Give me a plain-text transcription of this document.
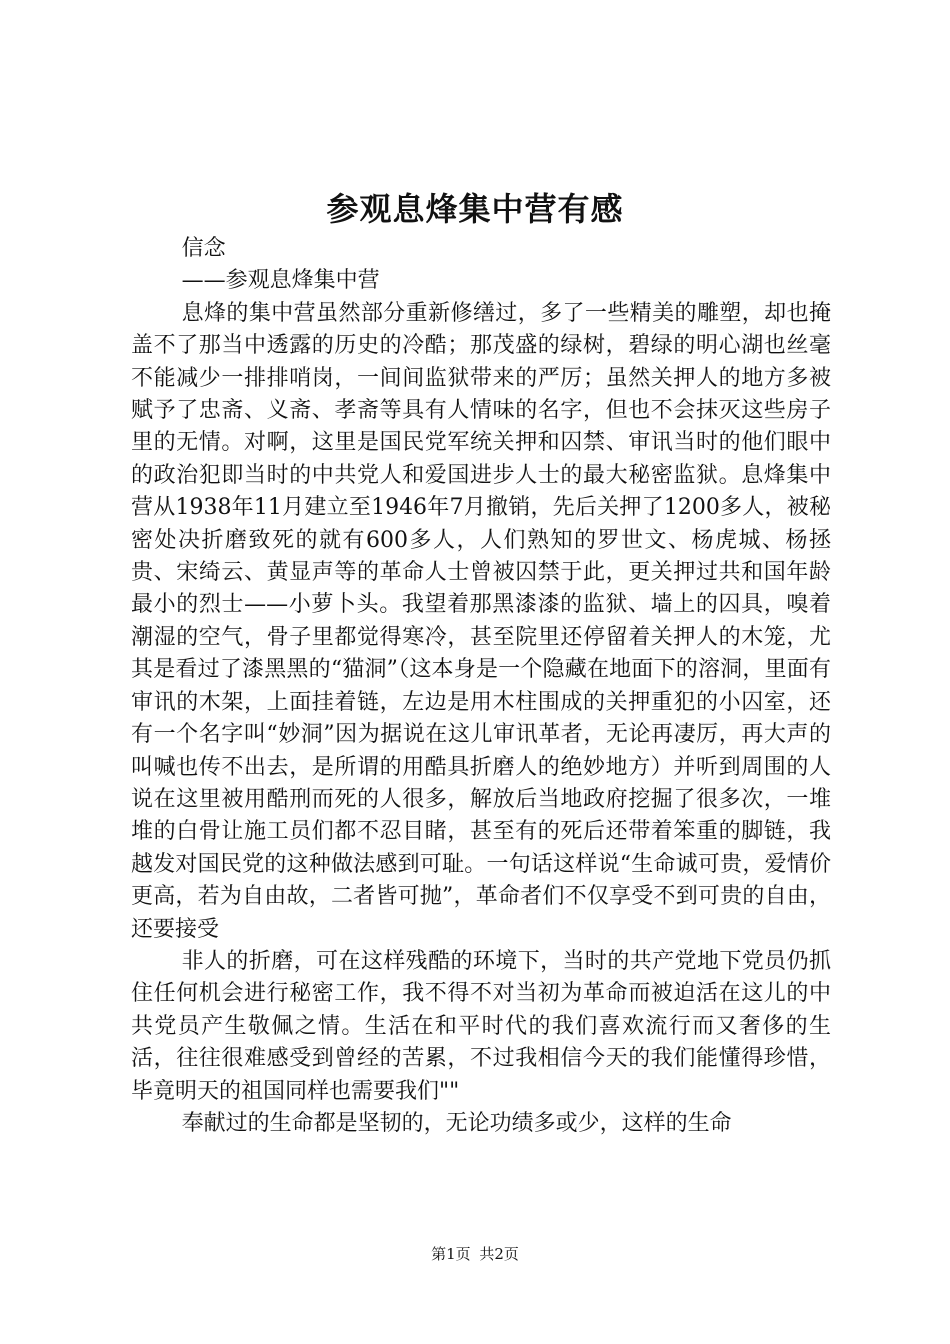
参观息烽集中营有感

信念

——参观息烽集中营

息烽的集中营虽然部分重新修缮过，多了一些精美的雕塑，却也掩盖不了那当中透露的历史的冷酷；那茂盛的绿树，碧绿的明心湖也丝毫不能减少一排排哨岗，一间间监狱带来的严厉；虽然关押人的地方多被赋予了忠斋、义斋、孝斋等具有人情味的名字，但也不会抹灭这些房子里的无情。对啊，这里是国民党军统关押和囚禁、审讯当时的他们眼中的政治犯即当时的中共党人和爱国进步人士的最大秘密监狱。息烽集中营从1938年11月建立至1946年7月撤销，先后关押了1200多人，被秘密处决折磨致死的就有600多人，人们熟知的罗世文、杨虎城、杨拯贵、宋绮云、黄显声等的革命人士曾被囚禁于此，更关押过共和国年龄最小的烈士——小萝卜头。我望着那黑漆漆的监狱、墙上的囚具，嗅着潮湿的空气，骨子里都觉得寒冷，甚至院里还停留着关押人的木笼，尤其是看过了漆黑黑的“猫洞”（这本身是一个隐藏在地面下的溶洞，里面有审讯的木架，上面挂着链，左边是用木柱围成的关押重犯的小囚室，还有一个名字叫“妙洞”因为据说在这儿审讯革者，无论再凄厉，再大声的叫喊也传不出去，是所谓的用酷具折磨人的绝妙地方）并听到周围的人说在这里被用酷刑而死的人很多，解放后当地政府挖掘了很多次，一堆堆的白骨让施工员们都不忍目睹，甚至有的死后还带着笨重的脚链，我越发对国民党的这种做法感到可耻。一句话这样说“生命诚可贵，爱情价更高，若为自由故，二者皆可抛”，革命者们不仅享受不到可贵的自由，还要接受

非人的折磨，可在这样残酷的环境下，当时的共产党地下党员仍抓住任何机会进行秘密工作，我不得不对当初为革命而被迫活在这儿的中共党员产生敬佩之情。生活在和平时代的我们喜欢流行而又奢侈的生活，往往很难感受到曾经的苦累，不过我相信今天的我们能懂得珍惜，毕竟明天的祖国同样也需要我们""

奉献过的生命都是坚韧的，无论功绩多或少，这样的生命

第1页 共2页
